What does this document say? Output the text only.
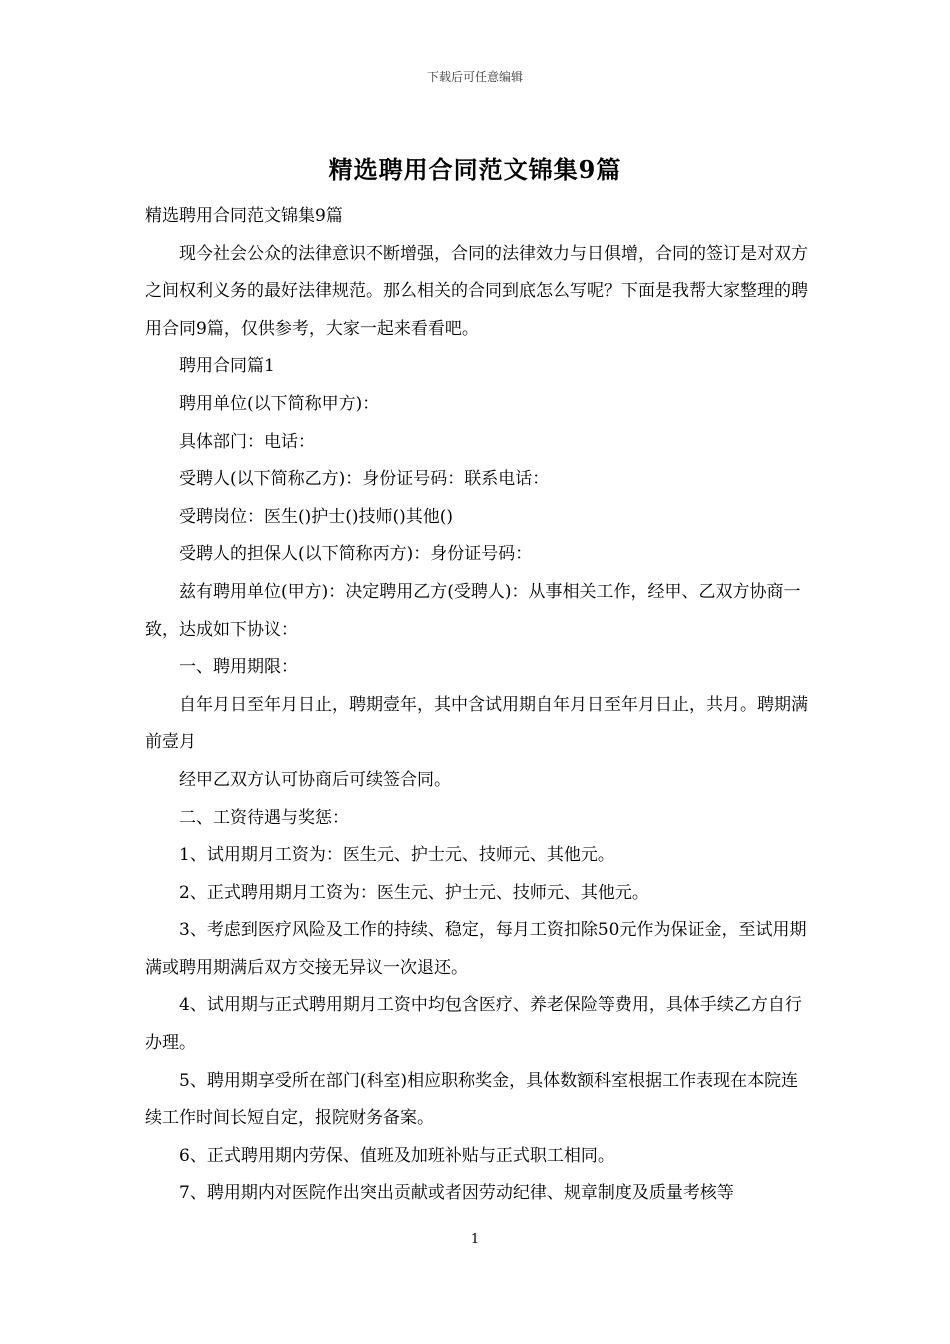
下载后可任意编辑
精选聘用合同范文锦集9篇

精选聘用合同范文锦集9篇

现今社会公众的法律意识不断增强，合同的法律效力与日俱增，合同的签订是对双方之间权利义务的最好法律规范。那么相关的合同到底怎么写呢？下面是我帮大家整理的聘用合同9篇，仅供参考，大家一起来看看吧。

聘用合同篇1

聘用单位(以下简称甲方)：

具体部门：电话：

受聘人(以下简称乙方)：身份证号码：联系电话：

受聘岗位：医生()护士()技师()其他()

受聘人的担保人(以下简称丙方)：身份证号码：

兹有聘用单位(甲方)：决定聘用乙方(受聘人)：从事相关工作，经甲、乙双方协商一致，达成如下协议：

一、聘用期限：

自年月日至年月日止，聘期壹年，其中含试用期自年月日至年月日止，共月。聘期满前壹月

经甲乙双方认可协商后可续签合同。

二、工资待遇与奖惩：

1、试用期月工资为：医生元、护士元、技师元、其他元。

2、正式聘用期月工资为：医生元、护士元、技师元、其他元。

3、考虑到医疗风险及工作的持续、稳定，每月工资扣除50元作为保证金，至试用期满或聘用期满后双方交接无异议一次退还。

4、试用期与正式聘用期月工资中均包含医疗、养老保险等费用，具体手续乙方自行办理。

5、聘用期享受所在部门(科室)相应职称奖金，具体数额科室根据工作表现在本院连续工作时间长短自定，报院财务备案。

6、正式聘用期内劳保、值班及加班补贴与正式职工相同。

7、聘用期内对医院作出突出贡献或者因劳动纪律、规章制度及质量考核等

1
